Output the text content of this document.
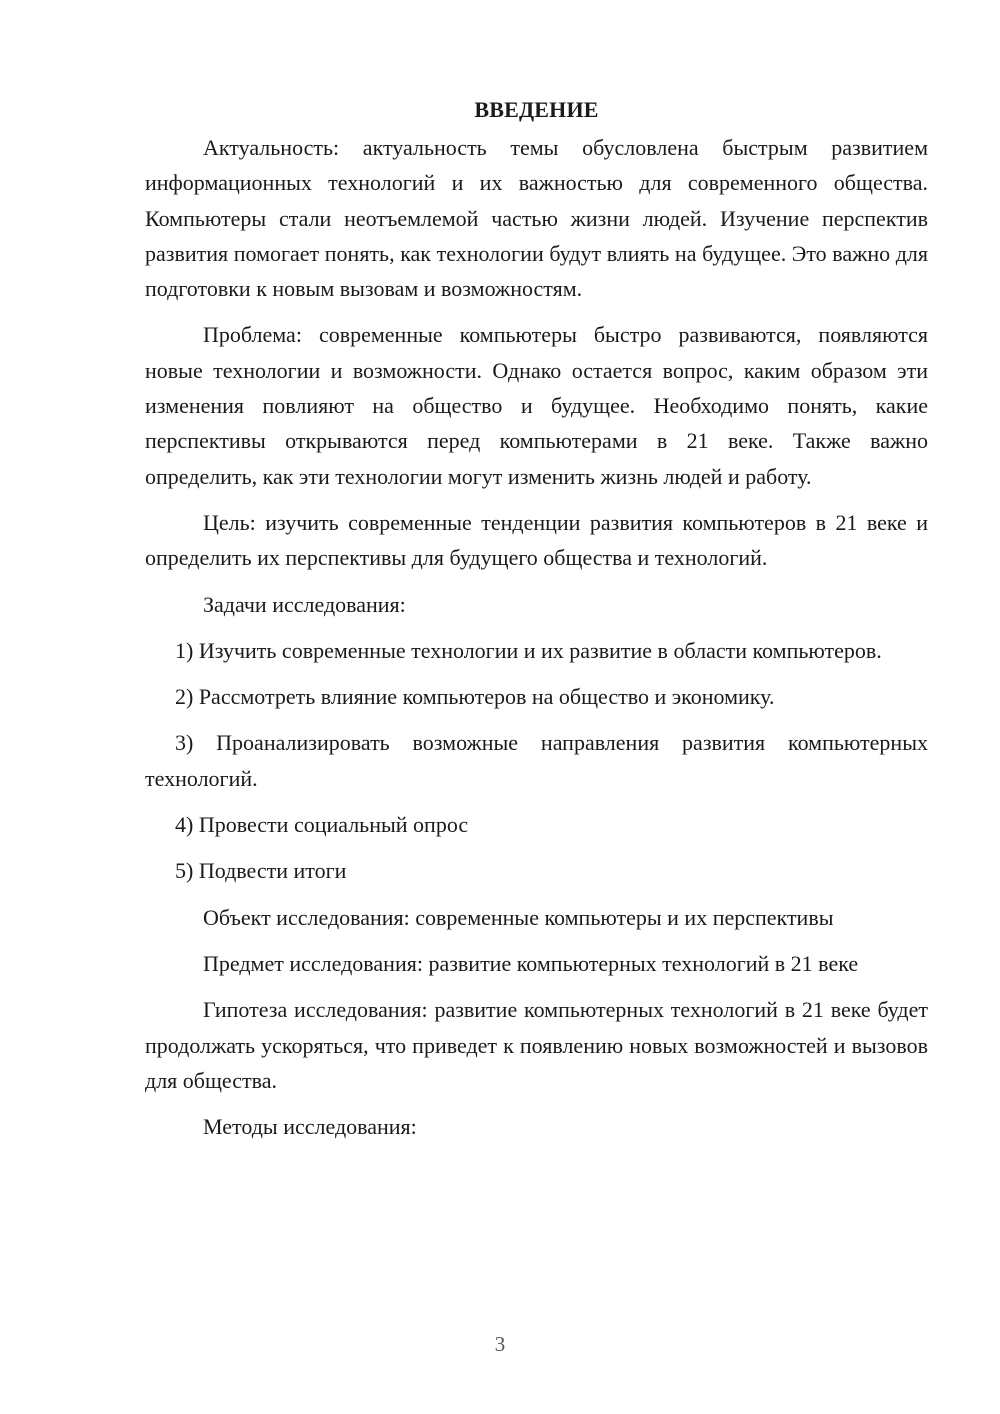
ВВЕДЕНИЕ

Актуальность: актуальность темы обусловлена быстрым развитием информационных технологий и их важностью для современного общества. Компьютеры стали неотъемлемой частью жизни людей. Изучение перспектив развития помогает понять, как технологии будут влиять на будущее. Это важно для подготовки к новым вызовам и возможностям.

Проблема: современные компьютеры быстро развиваются, появляются новые технологии и возможности. Однако остается вопрос, каким образом эти изменения повлияют на общество и будущее. Необходимо понять, какие перспективы открываются перед компьютерами в 21 веке. Также важно определить, как эти технологии могут изменить жизнь людей и работу.

Цель: изучить современные тенденции развития компьютеров в 21 веке и определить их перспективы для будущего общества и технологий.

Задачи исследования:

1) Изучить современные технологии и их развитие в области компьютеров.

2) Рассмотреть влияние компьютеров на общество и экономику.

3) Проанализировать возможные направления развития компьютерных технологий.

4) Провести социальный опрос

5) Подвести итоги

Объект исследования: современные компьютеры и их перспективы

Предмет исследования: развитие компьютерных технологий в 21 веке

Гипотеза исследования: развитие компьютерных технологий в 21 веке будет продолжать ускоряться, что приведет к появлению новых возможностей и вызовов для общества.

Методы исследования:

3
